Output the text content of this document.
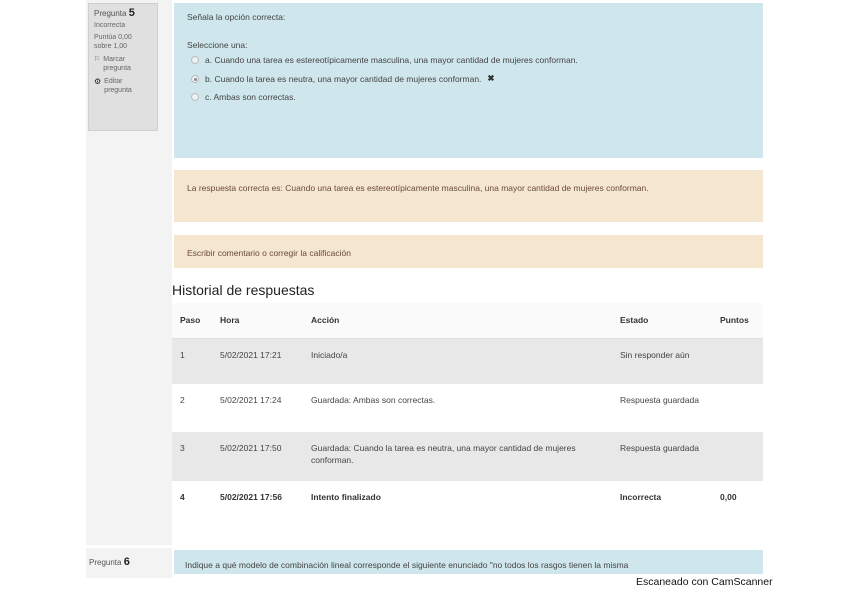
Pregunta 5
Incorrecta
Puntúa 0,00
sobre 1,00
⚐ Marcar pregunta
⚙ Editar pregunta
Señala la opción correcta:
Seleccione una:
a. Cuando una tarea es estereotípicamente masculina, una mayor cantidad de mujeres conforman.
b. Cuando la tarea es neutra, una mayor cantidad de mujeres conforman. ✖
c. Ambas son correctas.
La respuesta correcta es: Cuando una tarea es estereotípicamente masculina, una mayor cantidad de mujeres conforman.
Escribir comentario o corregir la calificación
Historial de respuestas
Paso	Hora	Acción	Estado	Puntos
1	5/02/2021 17:21	Iniciado/a	Sin responder aún	
2	5/02/2021 17:24	Guardada: Ambas son correctas.	Respuesta guardada	
3	5/02/2021 17:50	Guardada: Cuando la tarea es neutra, una mayor cantidad de mujeres conforman.	Respuesta guardada	
4	5/02/2021 17:56	Intento finalizado	Incorrecta	0,00
Pregunta 6	Indique a qué modelo de combinación lineal corresponde el siguiente enunciado "no todos los rasgos tienen la misma
Escaneado con CamScanner
